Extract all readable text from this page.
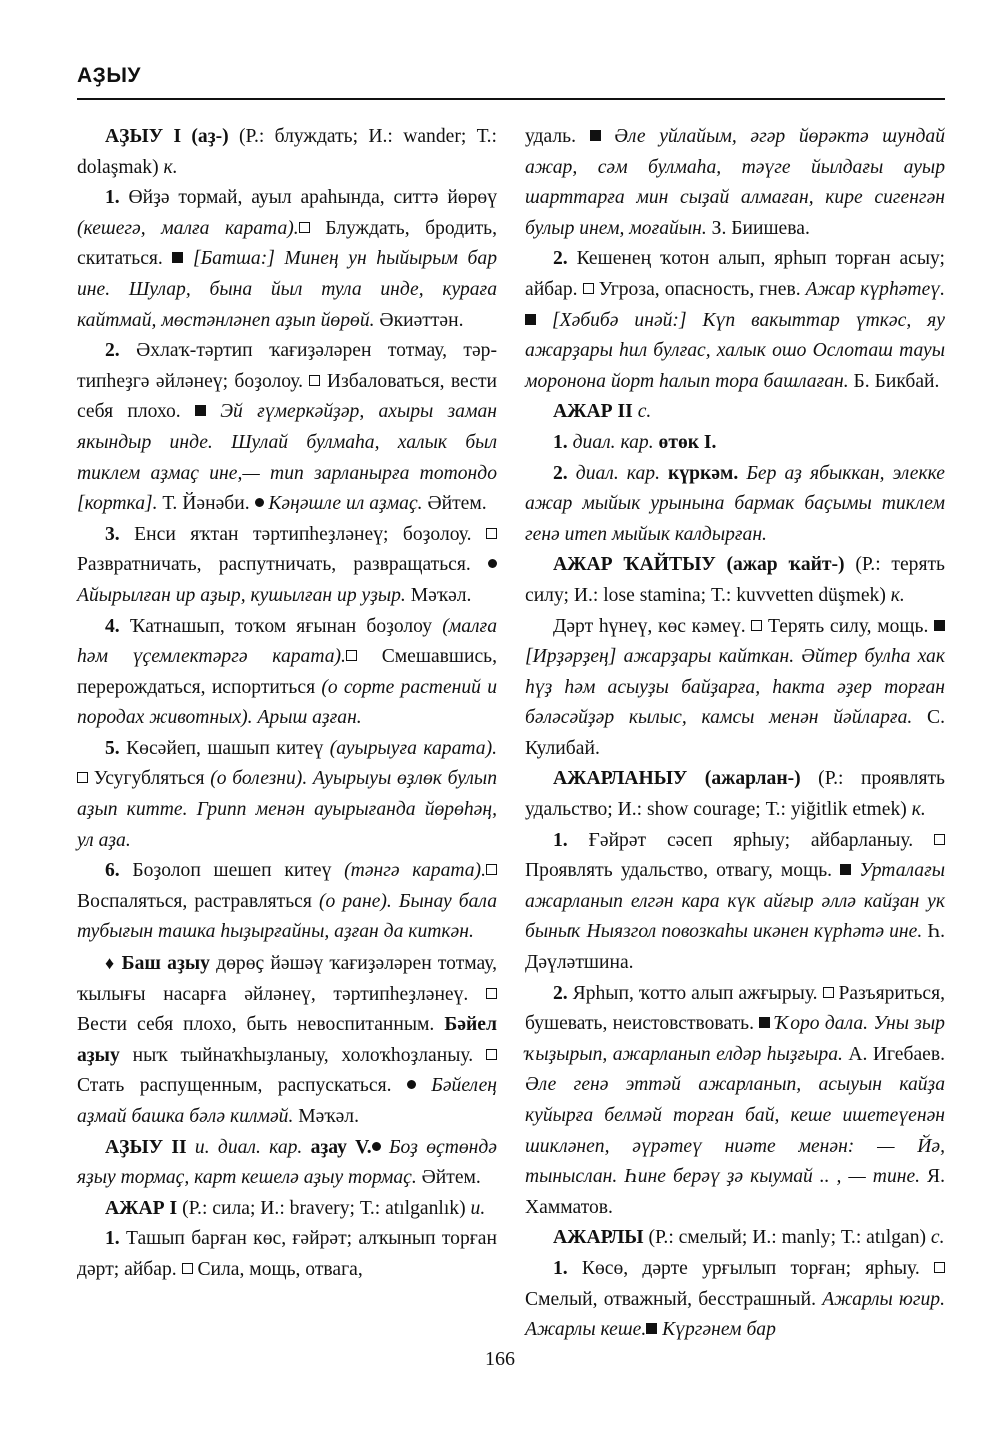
АҘЫУ

АҘЫУ I (аҙ-) (Р.: блуждать; И.: wander; Т.: dolaşmak) к.

1. Өйҙә тормай, ауыл араһында, ситтә йөрөү (кешегә, малға карата). Блуждать, бродить, скитаться.  [Батша:] Минең ун һыйырым бар ине. Шулар, бына йыл тула инде, кураға кайтмай, мөстәнләнеп аҙып йөрөй. Әкиәттән.

2. Әхлаҡ-тәртип ҡағиҙәләрен тотмау, тәртипһеҙгә әйләнеү; боҙолоу.  Избаловаться, вести себя плохо.  Эй ғүмеркәйҙәр, ахыры заман якындыр инде. Шулай булмаһа, халык был тиклем аҙмаҫ ине,— тип зарланырға тотондо [кортка]. Т. Йәнәби.  Кәңәшле ил аҙмаҫ. Әйтем.

3. Енси яҡтан тәртипһеҙләнеү; боҙолоу.  Развратничать, распутничать, развращаться.  Айырылған ир аҙыр, кушылған ир уҙыр. Мәҡәл.

4. Ҡатнашып, тоҡом яғынан боҙолоу (малға һәм үҫемлектәргә карата). Смешавшись, перерождаться, испортиться (о сорте растений и породах животных). Арыш аҙған.

5. Көсәйеп, шашып китеү (ауырыуға карата). Усугубляться (о болезни). Ауырыуы өҙлөк булып аҙып китте. Грипп менән ауырығанда йөрөһәң, ул аҙа.

6. Боҙолоп шешеп китеү (тәнгә карата). Воспаляться, растравляться (о ране). Бынау бала тубығын ташка һыҙырғайны, аҙған да киткән.

♦ Баш аҙыу дөрөҫ йәшәү ҡағиҙәләрен тотмау, ҡылығы насарға әйләнеү, тәртипһеҙләнеү.  Вести себя плохо, быть невоспитанным. Бәйел аҙыу ныҡ тыйнаҡһыҙланыу, холоҡһоҙланыу.  Стать распущенным, распускаться.  Бәйелең аҙмай башка бәлә килмәй. Мәҡәл.

АҘЫУ II и. диал. кар. аҙау V. Боҙ өҫтөндә яҙыу тормаҫ, карт кешелә аҙыу тормаҫ. Әйтем.

АЖАР I (Р.: сила; И.: bravery; Т.: atılganlık) и.

1. Ташып барған көс, ғәйрәт; алҡынып торған дәрт; айбар.  Сила, мощь, отвага,

удаль.  Әле уйлайым, әгәр йөрәктә шундай ажар, сәм булмаһа, тәүге йылдағы ауыр шарттарға мин сыҙай алмаған, кире сигенгән булыр инем, моғайын. З. Биишева.

2. Кешенең ҡотон алып, ярһып торған асыу; айбар.  Угроза, опасность, гнев. Ажар күрһәтеү. [Хәбибә инәй:] Күп вакыттар үткәс, яу ажарҙары һил булғас, халык ошо Ослоташ тауы моронона йорт һалып тора башлаған. Б. Бикбай.

АЖАР II с.

1. диал. кар. өтөк I.

2. диал. кар. күркәм. Бер аҙ ябыккан, элекке ажар мыйык урынына бармак баҫымы тиклем генә итеп мыйык калдырған.

АЖАР ҠАЙТЫУ (ажар ҡайт-) (Р.: терять силу; И.: lose stamina; Т.: kuvvetten düşmek) к.

Дәрт һүнеү, көс кәмеү.  Терять силу, мощь.  [Ирҙәрҙең] ажарҙары кайткан. Әйтер булһа хак һүҙ һәм асыуҙы байҙарға, һакта әҙер торған бәләсәйҙәр кылыс, камсы менән йәйларға. С. Кулибай.

АЖАРЛАНЫУ (ажарлан-) (Р.: проявлять удальство; И.: show courage; Т.: yiğitlik etmek) к.

1. Ғәйрәт сәсеп ярһыу; айбарланыу.  Проявлять удальство, отвагу, мощь.  Урталағы ажарланып елгән кара күк айғыр әллә кайҙан ук быныҡ Ныязгол повозкаһы икәнен күрһәтә ине. Һ. Дәүләтшина.

2. Ярһып, ҡотто алып ажғырыу.  Разъяриться, бушевать, неистовствовать.  Ҡоро дала. Уны зыр ҡыҙырып, ажарланып елдәр һыҙғыра. А. Игебаев. Әле генә эттәй ажарланып, асыуын кайҙа куйырға белмәй торған бай, кеше ишетеүенән шикләнеп, әүрәтеү ниәте менән: — Йә, тыныслан. Һине берәү ҙә кыумай .. , — тине. Я. Хамматов.

АЖАРЛЫ (Р.: смелый; И.: manly; Т.: atılgan) с.

1. Көсө, дәрте урғылып торған; ярһыу.  Смелый, отважный, бесстрашный. Ажарлы югир. Ажарлы кеше. Күргәнем бар

166
